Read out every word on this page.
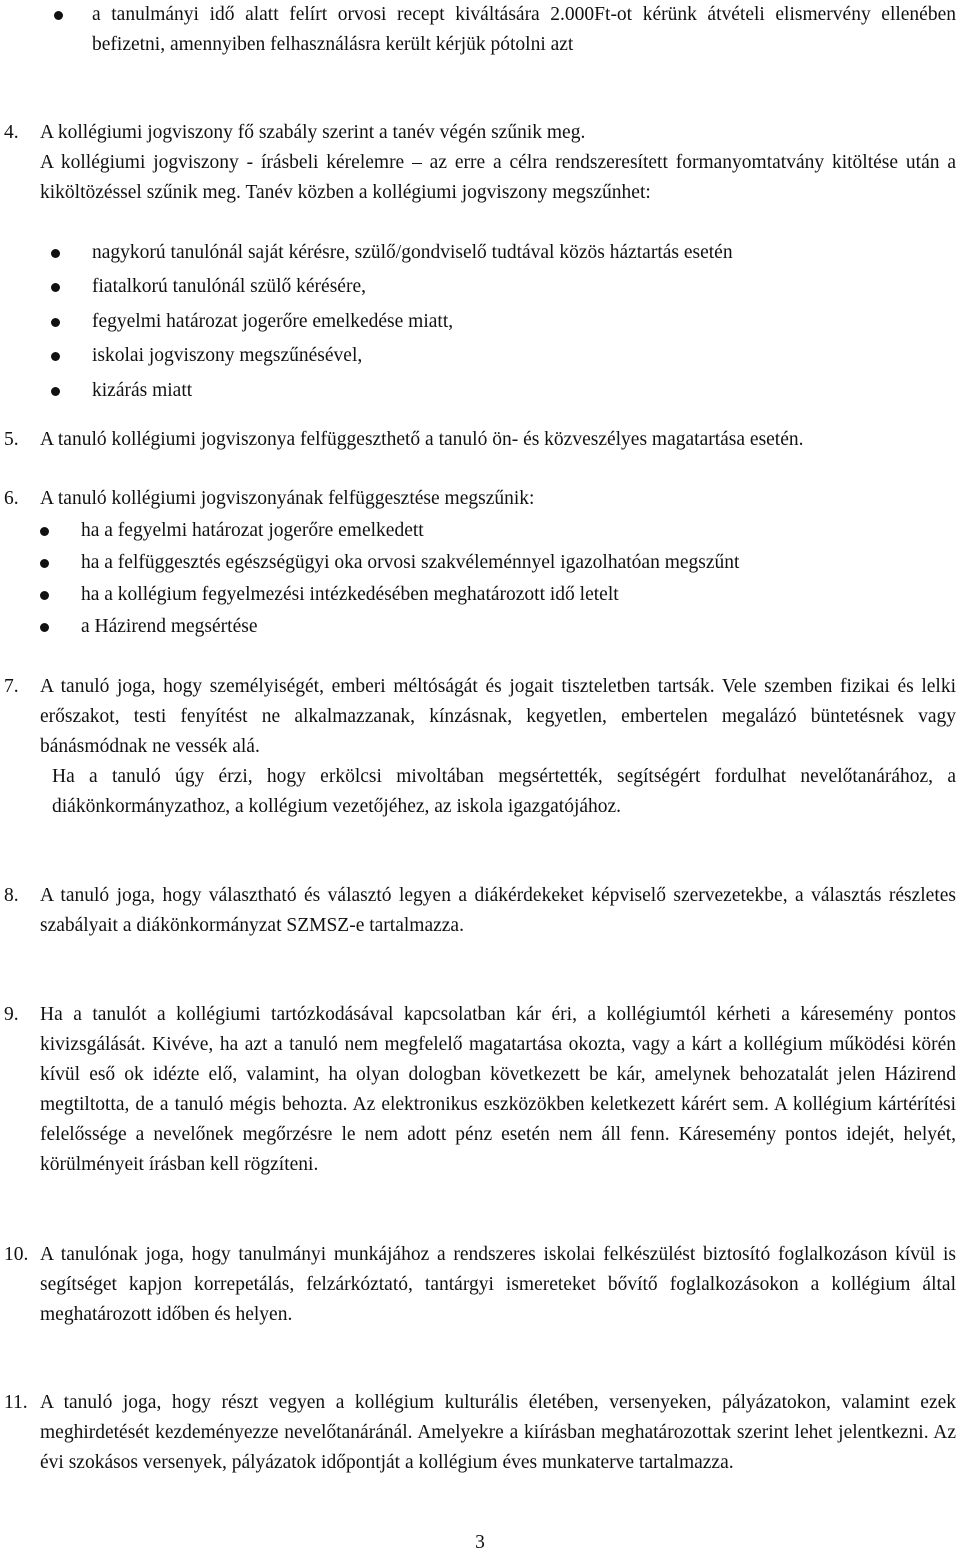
a tanulmányi idő alatt felírt orvosi recept kiváltására 2.000Ft-ot kérünk átvételi elismervény ellenében befizetni, amennyiben felhasználásra került kérjük pótolni azt
4. A kollégiumi jogviszony fő szabály szerint a tanév végén szűnik meg.
A kollégiumi jogviszony - írásbeli kérelemre – az erre a célra rendszeresített formanyomtatvány kitöltése után a kiköltözéssel szűnik meg. Tanév közben a kollégiumi jogviszony megszűnhet:
nagykorú tanulónál saját kérésre, szülő/gondviselő tudtával közös háztartás esetén
fiatalkorú tanulónál szülő kérésére,
fegyelmi határozat jogerőre emelkedése miatt,
iskolai jogviszony megszűnésével,
kizárás miatt
5. A tanuló kollégiumi jogviszonya felfüggeszthető a tanuló ön- és közveszélyes magatartása esetén.
6. A tanuló kollégiumi jogviszonyának felfüggesztése megszűnik:
ha a fegyelmi határozat jogerőre emelkedett
ha a felfüggesztés egészségügyi oka orvosi szakvéleménnyel igazolhatóan megszűnt
ha a kollégium fegyelmezési intézkedésében meghatározott idő letelt
a Házirend megsértése
7. A tanuló joga, hogy személyiségét, emberi méltóságát és jogait tiszteletben tartsák. Vele szemben fizikai és lelki erőszakot, testi fenyítést ne alkalmazzanak, kínzásnak, kegyetlen, embertelen megalázó büntetésnek vagy bánásmódnak ne vessék alá.
Ha a tanuló úgy érzi, hogy erkölcsi mivoltában megsértették, segítségért fordulhat nevelőtanárához, a diákönkormányzathoz, a kollégium vezetőjéhez, az iskola igazgatójához.
8. A tanuló joga, hogy választható és választó legyen a diákérdekeket képviselő szervezetekbe, a választás részletes szabályait a diákönkormányzat SZMSZ-e tartalmazza.
9. Ha a tanulót a kollégiumi tartózkodásával kapcsolatban kár éri, a kollégiumtól kérheti a káresemény pontos kivizsgálását. Kivéve, ha azt a tanuló nem megfelelő magatartása okozta, vagy a kárt a kollégium működési körén kívül eső ok idézte elő, valamint, ha olyan dologban következett be kár, amelynek behozatalát jelen Házirend megtiltotta, de a tanuló mégis behozta. Az elektronikus eszközökben keletkezett kárért sem. A kollégium kártérítési felelőssége a nevelőnek megőrzésre le nem adott pénz esetén nem áll fenn. Káresemény pontos idejét, helyét, körülményeit írásban kell rögzíteni.
10. A tanulónak joga, hogy tanulmányi munkájához a rendszeres iskolai felkészülést biztosító foglalkozáson kívül is segítséget kapjon korrepetálás, felzárkóztató, tantárgyi ismereteket bővítő foglalkozásokon a kollégium által meghatározott időben és helyen.
11. A tanuló joga, hogy részt vegyen a kollégium kulturális életében, versenyeken, pályázatokon, valamint ezek meghirdetését kezdeményezze nevelőtanáránál. Amelyekre a kiírásban meghatározottak szerint lehet jelentkezni. Az évi szokásos versenyek, pályázatok időpontját a kollégium éves munkaterve tartalmazza.
3
